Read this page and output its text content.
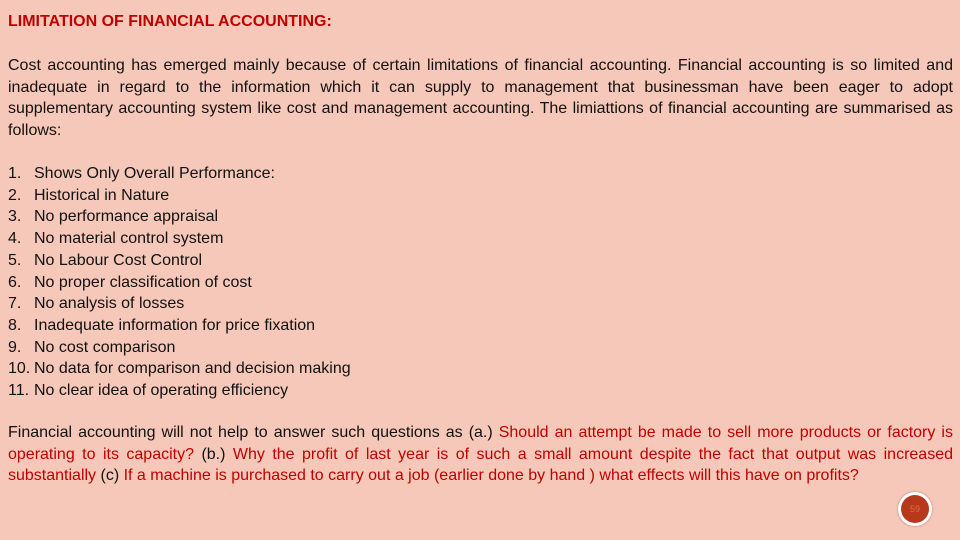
LIMITATION OF FINANCIAL ACCOUNTING:

Cost accounting has emerged mainly because of certain limitations of financial accounting. Financial accounting is so limited and inadequate in regard to the information which it can supply to management that businessman have been eager to adopt supplementary accounting system like cost and management accounting. The limiattions of financial accounting are summarised as follows:

1. Shows Only Overall Performance:
2. Historical in Nature
3. No performance appraisal
4. No material control system
5. No Labour Cost Control
6. No proper classification of cost
7. No analysis of losses
8. Inadequate information for price fixation
9. No cost comparison
10. No data for comparison and decision making
11. No clear idea of operating efficiency

Financial accounting will not help to answer such questions as (a.) Should an attempt be made to sell more products or factory is operating to its capacity? (b.) Why the profit of last year is of such a small amount despite the fact that output was increased substantially (c) If a machine is purchased to carry out a job (earlier done by hand ) what effects will this have on profits?

59
